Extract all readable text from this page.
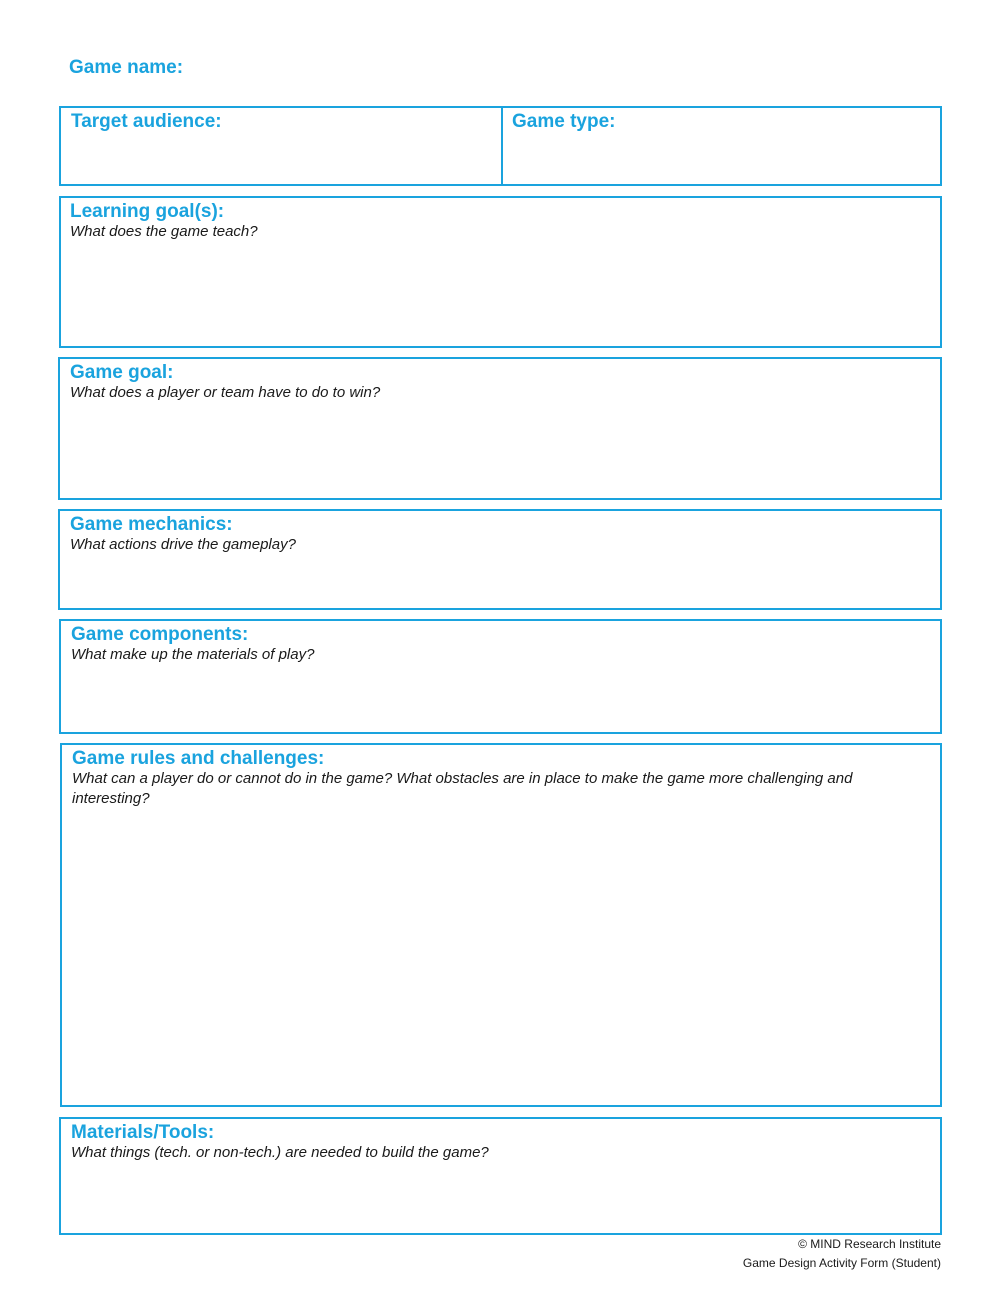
Game name:
Target audience:	Game type:
Learning goal(s):
What does the game teach?
Game goal:
What does a player or team have to do to win?
Game mechanics:
What actions drive the gameplay?
Game components:
What make up the materials of play?
Game rules and challenges:
What can a player do or cannot do in the game? What obstacles are in place to make the game more challenging and interesting?
Materials/Tools:
What things (tech. or non-tech.) are needed to build the game?
© MIND Research Institute
Game Design Activity Form (Student)
